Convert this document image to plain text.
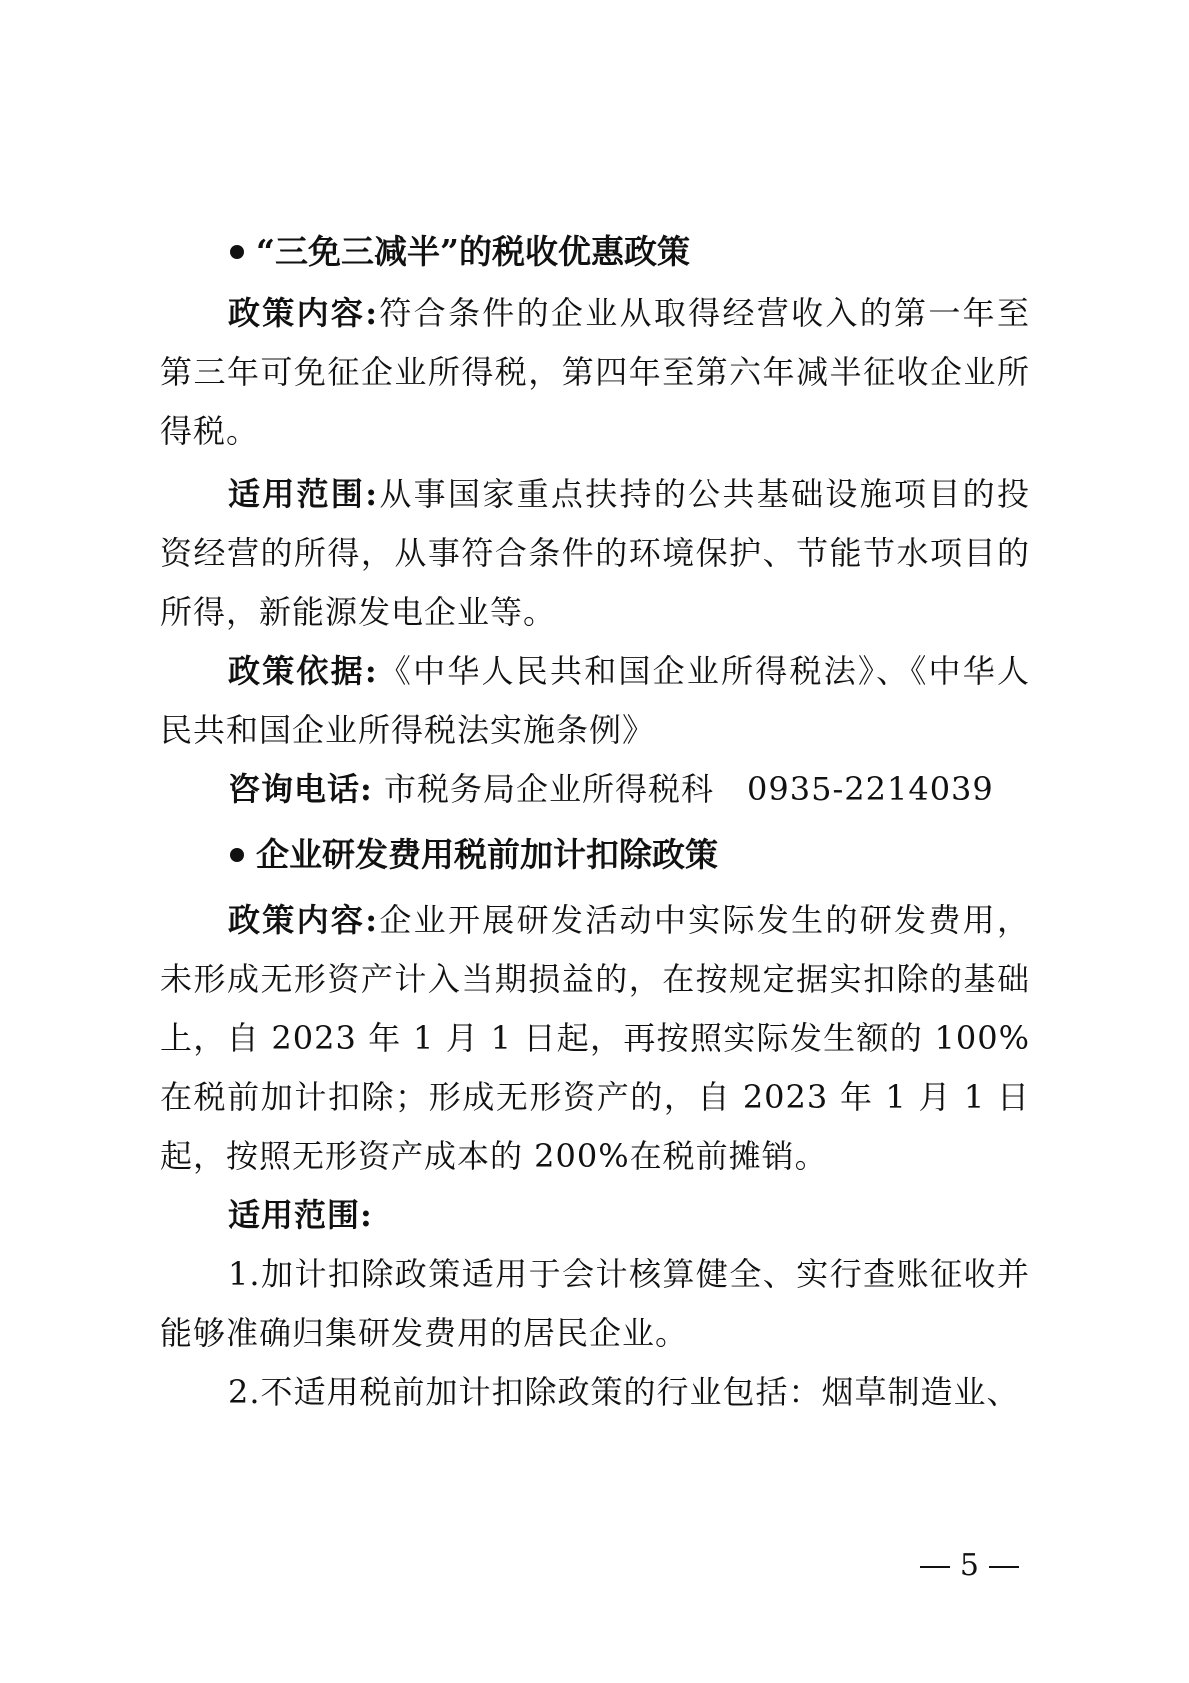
“三免三减半”的税收优惠政策

政策内容:符合条件的企业从取得经营收入的第一年至第三年可免征企业所得税，第四年至第六年减半征收企业所得税。

适用范围:从事国家重点扶持的公共基础设施项目的投资经营的所得，从事符合条件的环境保护、节能节水项目的所得，新能源发电企业等。

政策依据:《中华人民共和国企业所得税法》、《中华人民共和国企业所得税法实施条例》

咨询电话: 市税务局企业所得税科　0935-2214039

企业研发费用税前加计扣除政策

政策内容:企业开展研发活动中实际发生的研发费用，未形成无形资产计入当期损益的，在按规定据实扣除的基础上，自 2023 年 1 月 1 日起，再按照实际发生额的 100%在税前加计扣除；形成无形资产的，自 2023 年 1 月 1 日起，按照无形资产成本的 200%在税前摊销。

适用范围:

1.加计扣除政策适用于会计核算健全、实行查账征收并能够准确归集研发费用的居民企业。

2.不适用税前加计扣除政策的行业包括：烟草制造业、

5
